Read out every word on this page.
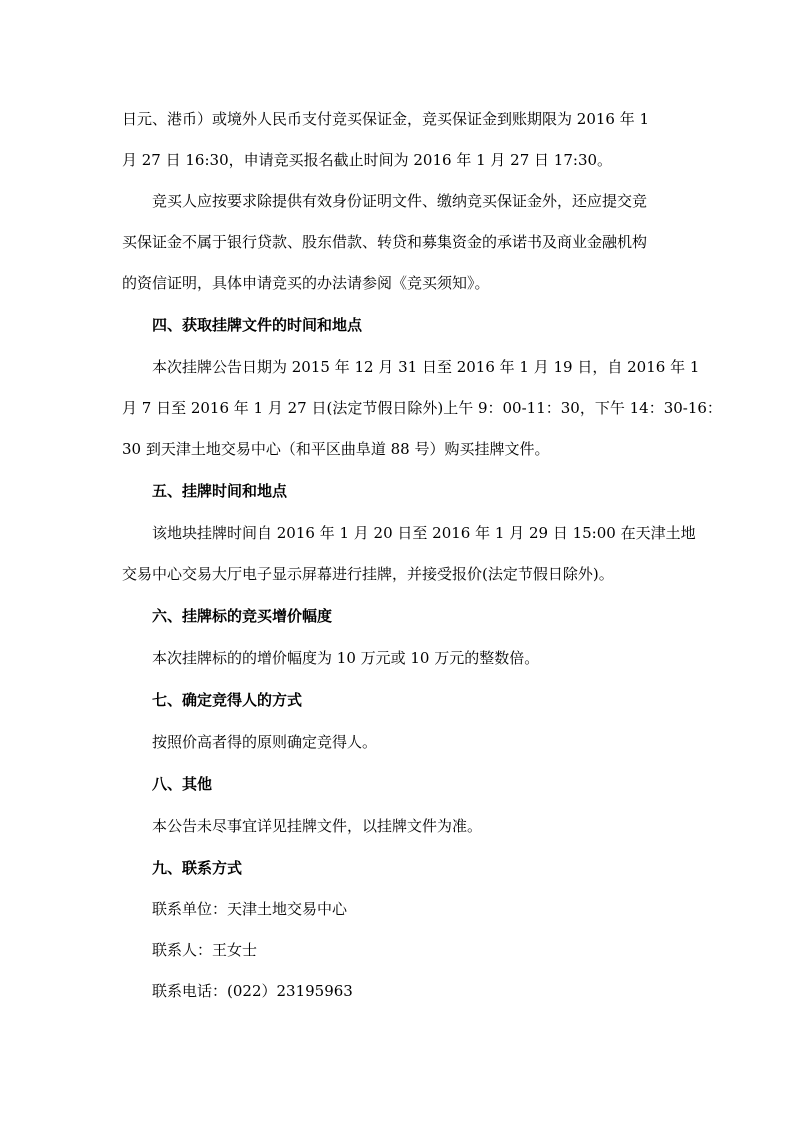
日元、港币）或境外人民币支付竞买保证金，竞买保证金到账期限为 2016 年 1
月 27 日 16:30，申请竞买报名截止时间为 2016 年 1 月 27 日 17:30。
竞买人应按要求除提供有效身份证明文件、缴纳竞买保证金外，还应提交竞
买保证金不属于银行贷款、股东借款、转贷和募集资金的承诺书及商业金融机构
的资信证明，具体申请竞买的办法请参阅《竞买须知》。
四、获取挂牌文件的时间和地点
本次挂牌公告日期为 2015 年 12 月 31 日至 2016 年 1 月 19 日，自 2016 年 1
月 7 日至 2016 年 1 月 27 日(法定节假日除外)上午 9：00-11：30，下午 14：30-16：
30 到天津土地交易中心（和平区曲阜道 88 号）购买挂牌文件。
五、挂牌时间和地点
该地块挂牌时间自 2016 年 1 月 20 日至 2016 年 1 月 29 日 15:00 在天津土地
交易中心交易大厅电子显示屏幕进行挂牌，并接受报价(法定节假日除外)。
六、挂牌标的竞买增价幅度
本次挂牌标的的增价幅度为 10 万元或 10 万元的整数倍。
七、确定竞得人的方式
按照价高者得的原则确定竞得人。
八、其他
本公告未尽事宜详见挂牌文件，以挂牌文件为准。
九、联系方式
联系单位：天津土地交易中心
联系人：王女士
联系电话：(022）23195963
